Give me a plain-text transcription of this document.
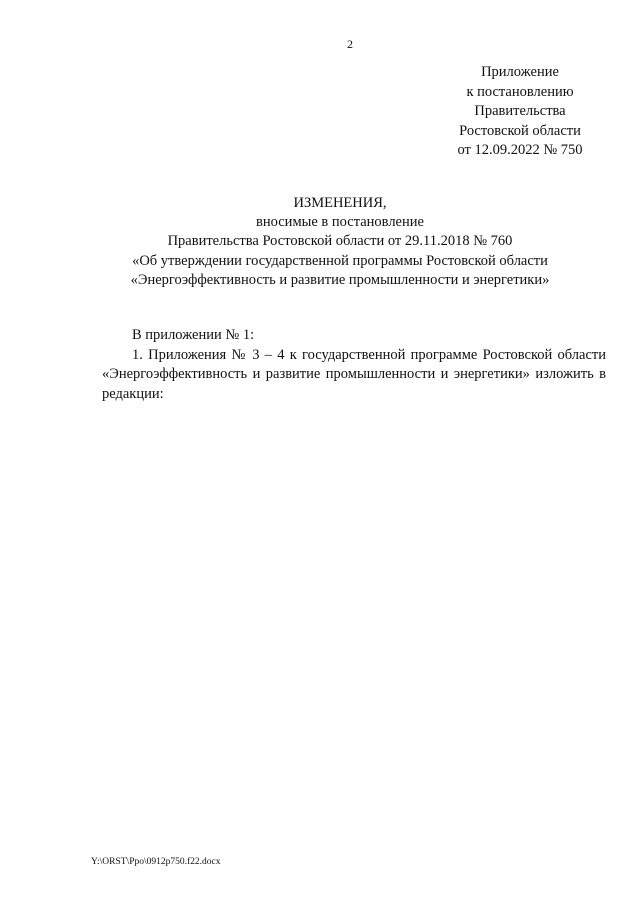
2
Приложение
к постановлению
Правительства
Ростовской области
от 12.09.2022 № 750
ИЗМЕНЕНИЯ,
вносимые в постановление
Правительства Ростовской области от 29.11.2018 № 760
«Об утверждении государственной программы Ростовской области
«Энергоэффективность и развитие промышленности и энергетики»
В приложении № 1:

1. Приложения № 3 – 4 к государственной программе Ростовской области «Энергоэффективность и развитие промышленности и энергетики» изложить в редакции:

Y:\ORST\Ppo\0912p750.f22.docx
